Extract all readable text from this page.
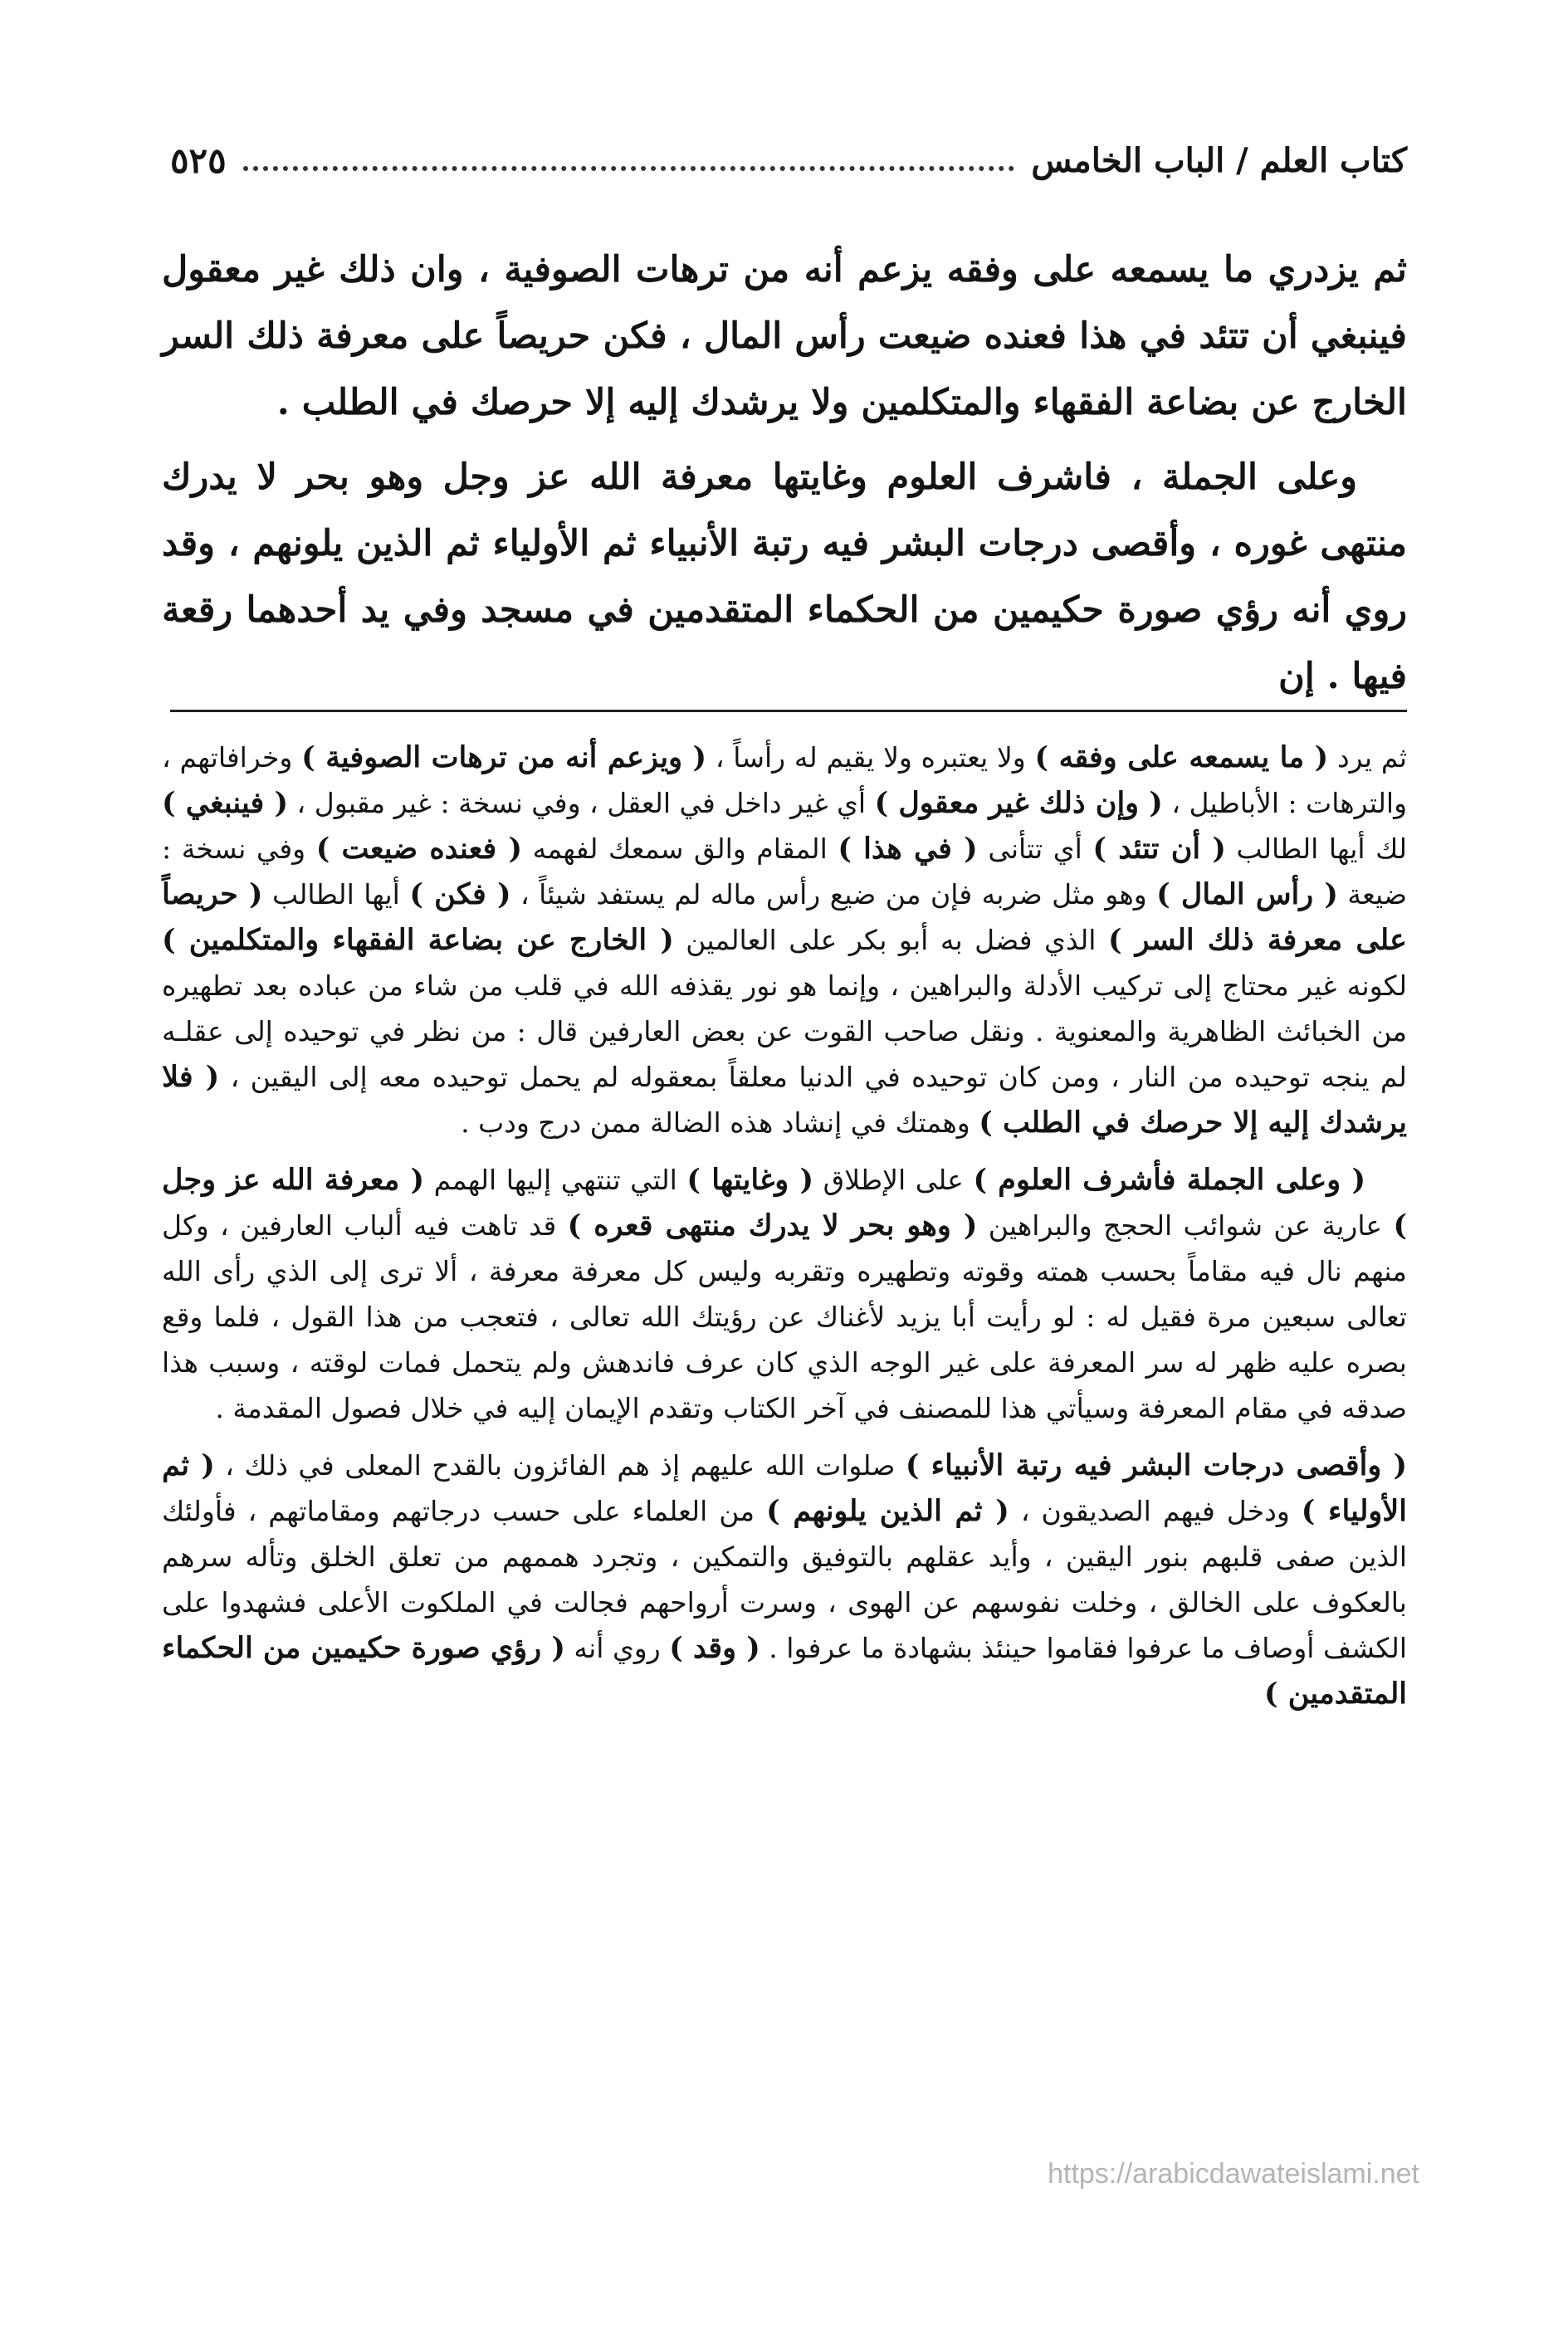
٥٢٥	كتاب العلم / الباب الخامس

ثم يزدري ما يسمعه على وفقه يزعم أنه من ترهات الصوفية ، وان ذلك غير معقول فينبغي أن تتئد في هذا فعنده ضيعت رأس المال ، فكن حريصاً على معرفة ذلك السر الخارج عن بضاعة الفقهاء والمتكلمين ولا يرشدك إليه إلا حرصك في الطلب .

وعلى الجملة ، فاشرف العلوم وغايتها معرفة الله عز وجل وهو بحر لا يدرك منتهى غوره ، وأقصى درجات البشر فيه رتبة الأنبياء ثم الأولياء ثم الذين يلونهم ، وقد روي أنه رؤي صورة حكيمين من الحكماء المتقدمين في مسجد وفي يد أحدهما رقعة فيها . إن

ثم يرد ( ما يسمعه على وفقه ) ولا يعتبره ولا يقيم له رأساً ، ( ويزعم أنه من ترهات الصوفية ) وخرافاتهم ، والترهات : الأباطيل ، ( وإن ذلك غير معقول ) أي غير داخل في العقل ، وفي نسخة : غير مقبول ، ( فينبغي ) لك أيها الطالب ( أن تتئد ) أي تتأنى ( في هذا ) المقام والق سمعك لفهمه ( فعنده ضيعت ) وفي نسخة : ضيعة ( رأس المال ) وهو مثل ضربه فإن من ضيع رأس ماله لم يستفد شيئاً ، ( فكن ) أيها الطالب ( حريصاً على معرفة ذلك السر ) الذي فضل به أبو بكر على العالمين ( الخارج عن بضاعة الفقهاء والمتكلمين ) لكونه غير محتاج إلى تركيب الأدلة والبراهين ، وإنما هو نور يقذفه الله في قلب من شاء من عباده بعد تطهيره من الخبائث الظاهرية والمعنوية . ونقل صاحب القوت عن بعض العارفين قال : من نظر في توحيده إلى عقلـه لم ينجه توحيده من النار ، ومن كان توحيده في الدنيا معلقاً بمعقوله لم يحمل توحيده معه إلى اليقين ، ( فلا يرشدك إليه إلا حرصك في الطلب ) وهمتك في إنشاد هذه الضالة ممن درج ودب .

( وعلى الجملة فأشرف العلوم ) على الإطلاق ( وغايتها ) التي تنتهي إليها الهمم ( معرفة الله عز وجل ) عارية عن شوائب الحجج والبراهين ( وهو بحر لا يدرك منتهى قعره ) قد تاهت فيه ألباب العارفين ، وكل منهم نال فيه مقاماً بحسب همته وقوته وتطهيره وتقربه وليس كل معرفة معرفة ، ألا ترى إلى الذي رأى الله تعالى سبعين مرة فقيل له : لو رأيت أبا يزيد لأغناك عن رؤيتك الله تعالى ، فتعجب من هذا القول ، فلما وقع بصره عليه ظهر له سر المعرفة على غير الوجه الذي كان عرف فاندهش ولم يتحمل فمات لوقته ، وسبب هذا صدقه في مقام المعرفة وسيأتي هذا للمصنف في آخر الكتاب وتقدم الإيمان إليه في خلال فصول المقدمة .

( وأقصى درجات البشر فيه رتبة الأنبياء ) صلوات الله عليهم إذ هم الفائزون بالقدح المعلى في ذلك ، ( ثم الأولياء ) ودخل فيهم الصديقون ، ( ثم الذين يلونهم ) من العلماء على حسب درجاتهم ومقاماتهم ، فأولئك الذين صفى قلبهم بنور اليقين ، وأيد عقلهم بالتوفيق والتمكين ، وتجرد هممهم من تعلق الخلق وتأله سرهم بالعكوف على الخالق ، وخلت نفوسهم عن الهوى ، وسرت أرواحهم فجالت في الملكوت الأعلى فشهدوا على الكشف أوصاف ما عرفوا فقاموا حينئذ بشهادة ما عرفوا . ( وقد ) روي أنه ( رؤي صورة حكيمين من الحكماء المتقدمين )

https://arabicdawateislami.net
